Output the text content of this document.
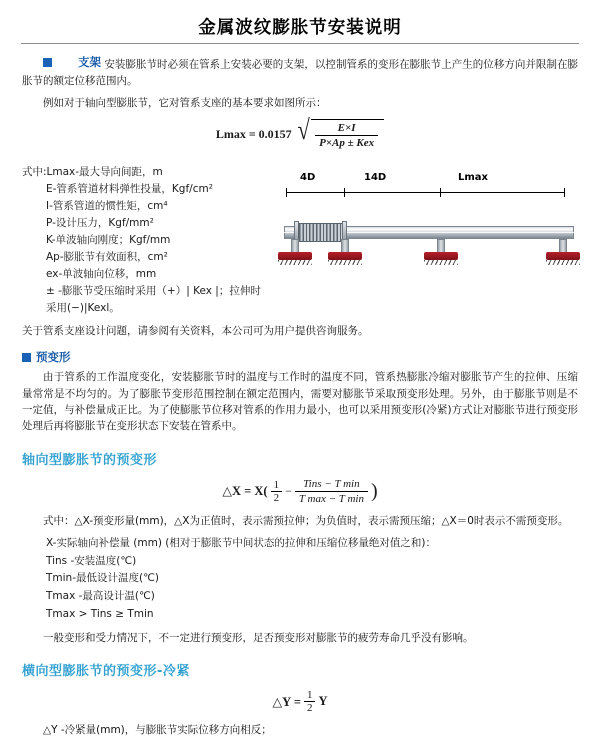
金属波纹膨胀节安装说明

支架 安装膨胀节时必须在管系上安装必要的支架，以控制管系的变形在膨胀节上产生的位移方向并限制在膨胀节的额定位移范围内。

例如对于轴向型膨胀节，它对管系支座的基本要求如图所示：

Lmax = 0.0157 √ $\frac{E\times I}{\text{P×Ap ± Kex}}$
式中:Lmax-最大导向间距，m
E-管系管道材料弹性投量，Kgf/cm²
I-管系管道的惯性矩，cm⁴
P-设计压力，Kgf/mm²
K-单波轴向刚度；Kgf/mm
Ap-膨胀节有效面积，cm²
ex-单波轴向位移，mm
± -膨胀节受压缩时采用（+）| Kex |；拉伸时采用(−)|Kexl。
4D	14D	Lmax

关于管系支座设计问题，请参阅有关资料，本公司可为用户提供咨询服务。

预变形

由于管系的工作温度变化，安装膨胀节时的温度与工作时的温度不同，管系热膨胀冷缩对膨胀节产生的拉伸、压缩量常常是不均匀的。为了膨胀节变形范围控制在额定范围内，需要对膨胀节采取预变形处理。另外，由于膨胀节则是不一定值，与补偿量成正比。为了使膨胀节位移对管系的作用力最小，也可以采用预变形(冷紧)方式让对膨胀节进行预变形处理后再将膨胀节在变形状态下安装在管系中。

轴向型膨胀节的预变形
△X = $X( \frac{1}{2} - \frac{\text{Tins − T min}}{\text{T max − T min}}$ )

式中：△X-预变形量(mm)，△X为正值时，表示需预拉伸；为负值时，表示需预压缩；△X＝0时表示不需预变形。

X-实际轴向补偿量 (mm) (相对于膨胀节中间状态的拉伸和压缩位移量绝对值之和)：
Tins -安装温度(℃)
Tmin-最低设计温度(℃)
Tmax -最高设计温(℃)
Tmax > Tins ≥ Tmin

一般变形和受力情况下，不一定进行预变形，足否预变形对膨胀节的疲劳寿命几乎没有影响。

横向型膨胀节的预变形-冷紧
△Y = $\frac{1}{2}$ Y

△Y -冷紧量(mm)，与膨胀节实际位移方向相反；
